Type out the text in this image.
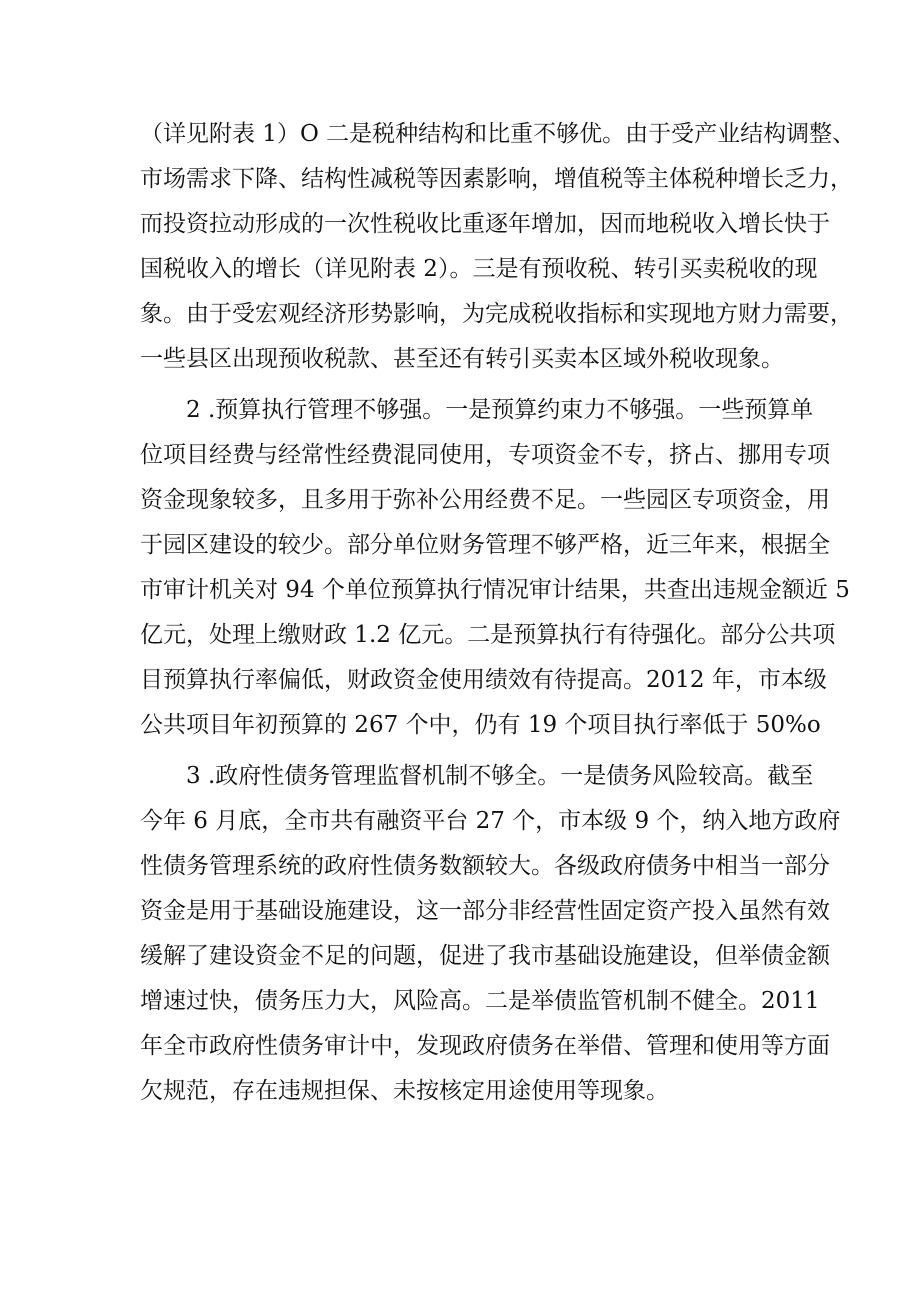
（详见附表 1）O 二是税种结构和比重不够优。由于受产业结构调整、
市场需求下降、结构性减税等因素影响，增值税等主体税种增长乏力，
而投资拉动形成的一次性税收比重逐年增加，因而地税收入增长快于
国税收入的增长（详见附表 2）。三是有预收税、转引买卖税收的现
象。由于受宏观经济形势影响，为完成税收指标和实现地方财力需要，
一些县区出现预收税款、甚至还有转引买卖本区域外税收现象。
2 .预算执行管理不够强。一是预算约束力不够强。一些预算单
位项目经费与经常性经费混同使用，专项资金不专，挤占、挪用专项
资金现象较多，且多用于弥补公用经费不足。一些园区专项资金，用
于园区建设的较少。部分单位财务管理不够严格，近三年来，根据全
市审计机关对 94 个单位预算执行情况审计结果，共查出违规金额近 5
亿元，处理上缴财政 1.2 亿元。二是预算执行有待强化。部分公共项
目预算执行率偏低，财政资金使用绩效有待提高。2012 年，市本级
公共项目年初预算的 267 个中，仍有 19 个项目执行率低于 50%o
3 .政府性债务管理监督机制不够全。一是债务风险较高。截至
今年 6 月底，全市共有融资平台 27 个，市本级 9 个，纳入地方政府
性债务管理系统的政府性债务数额较大。各级政府债务中相当一部分
资金是用于基础设施建设，这一部分非经营性固定资产投入虽然有效
缓解了建设资金不足的问题，促进了我市基础设施建设，但举债金额
增速过快，债务压力大，风险高。二是举债监管机制不健全。2011
年全市政府性债务审计中，发现政府债务在举借、管理和使用等方面
欠规范，存在违规担保、未按核定用途使用等现象。
